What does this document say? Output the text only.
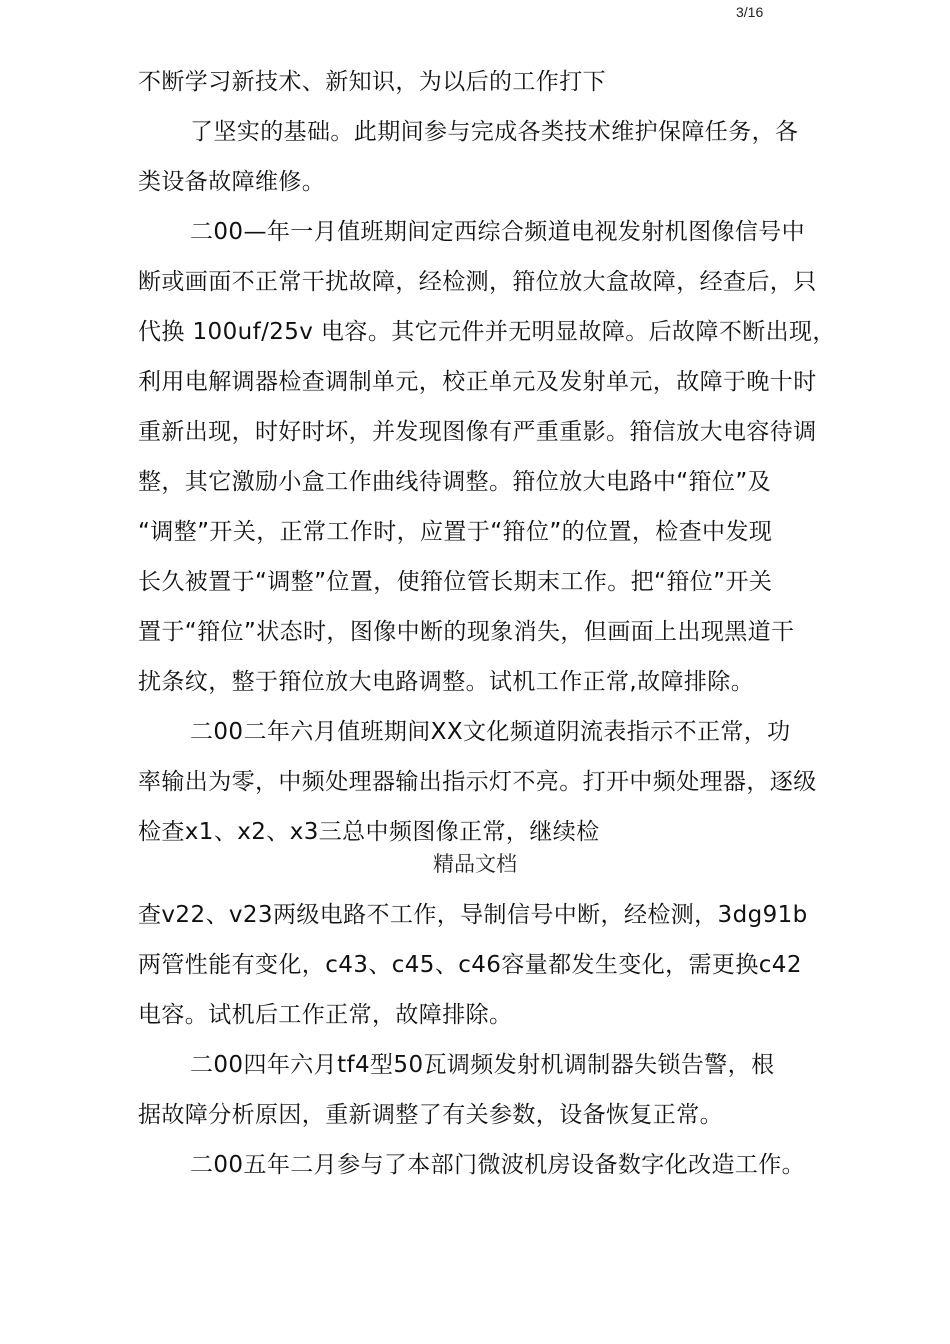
3/16
不断学习新技术、新知识，为以后的工作打下
了坚实的基础。此期间参与完成各类技术维护保障任务，各
类设备故障维修。
二00—年一月值班期间定西综合频道电视发射机图像信号中
断或画面不正常干扰故障，经检测，箝位放大盒故障，经查后，只
代换 100uf/25v 电容。其它元件并无明显故障。后故障不断出现，
利用电解调器检查调制单元，校正单元及发射单元，故障于晚十时
重新出现，时好时坏，并发现图像有严重重影。箝信放大电容待调
整，其它激励小盒工作曲线待调整。箝位放大电路中“箝位”及
“调整”开关，正常工作时，应置于“箝位”的位置，检查中发现
长久被置于“调整”位置，使箝位管长期末工作。把“箝位”开关
置于“箝位”状态时，图像中断的现象消失，但画面上出现黑道干
扰条纹，整于箝位放大电路调整。试机工作正常,故障排除。
二00二年六月值班期间XX文化频道阴流表指示不正常，功
率输出为零，中频处理器输出指示灯不亮。打开中频处理器，逐级
检查x1、x2、x3三总中频图像正常，继续检
精品文档
查v22、v23两级电路不工作，导制信号中断，经检测，3dg91b
两管性能有变化，c43、c45、c46容量都发生变化，需更换c42
电容。试机后工作正常，故障排除。
二00四年六月tf4型50瓦调频发射机调制器失锁告警，根
据故障分析原因，重新调整了有关参数，设备恢复正常。
二00五年二月参与了本部门微波机房设备数字化改造工作。
